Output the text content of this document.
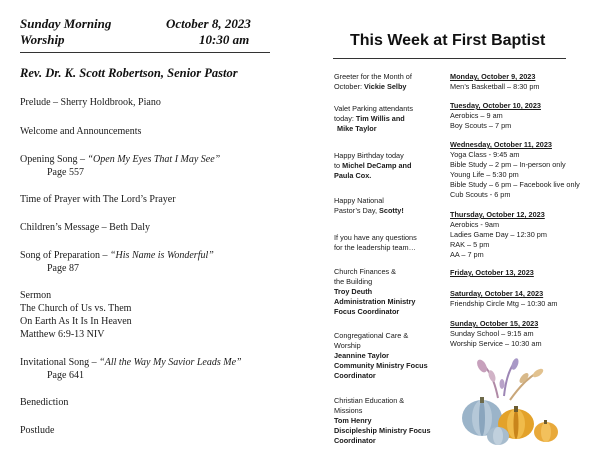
Sunday Morning	October 8, 2023
Worship	10:30 am
Rev. Dr. K. Scott Robertson, Senior Pastor
Prelude – Sherry Holdbrook, Piano
Welcome and Announcements
Opening Song – “Open My Eyes That I May See”
Page 557
Time of Prayer with The Lord’s Prayer
Children’s Message – Beth Daly
Song of Preparation – “His Name is Wonderful”
Page 87
Sermon
The Church of Us vs. Them
On Earth As It Is In Heaven
Matthew 6:9-13 NIV
Invitational Song – “All the Way My Savior Leads Me”
Page 641
Benediction
Postlude
This Week at First Baptist
Greeter for the Month of
October: Vickie Selby
Valet Parking attendants
today: Tim Willis and
Mike Taylor
Happy Birthday today
to Michel DeCamp and
Paula Cox.
Happy National
Pastor’s Day, Scotty!
If you have any questions
for the leadership team…
Church Finances &
the Building
Troy Deuth
Administration Ministry
Focus Coordinator
Congregational Care &
Worship
Jeannine Taylor
Community Ministry Focus
Coordinator
Christian Education &
Missions
Tom Henry
Discipleship Ministry Focus
Coordinator
Monday, October 9, 2023
Men’s Basketball – 8:30 pm
Tuesday, October 10, 2023
Aerobics – 9 am
Boy Scouts – 7 pm
Wednesday, October 11, 2023
Yoga Class - 9:45 am
Bible Study – 2 pm – In-person only
Young Life – 5:30 pm
Bible Study – 6 pm – Facebook live only
Cub Scouts - 6 pm
Thursday, October 12, 2023
Aerobics - 9am
Ladies Game Day – 12:30 pm
RAK – 5 pm
AA – 7 pm
Friday, October 13, 2023
Saturday, October 14, 2023
Friendship Circle Mtg – 10:30 am
Sunday, October 15, 2023
Sunday School – 9:15 am
Worship Service – 10:30 am
